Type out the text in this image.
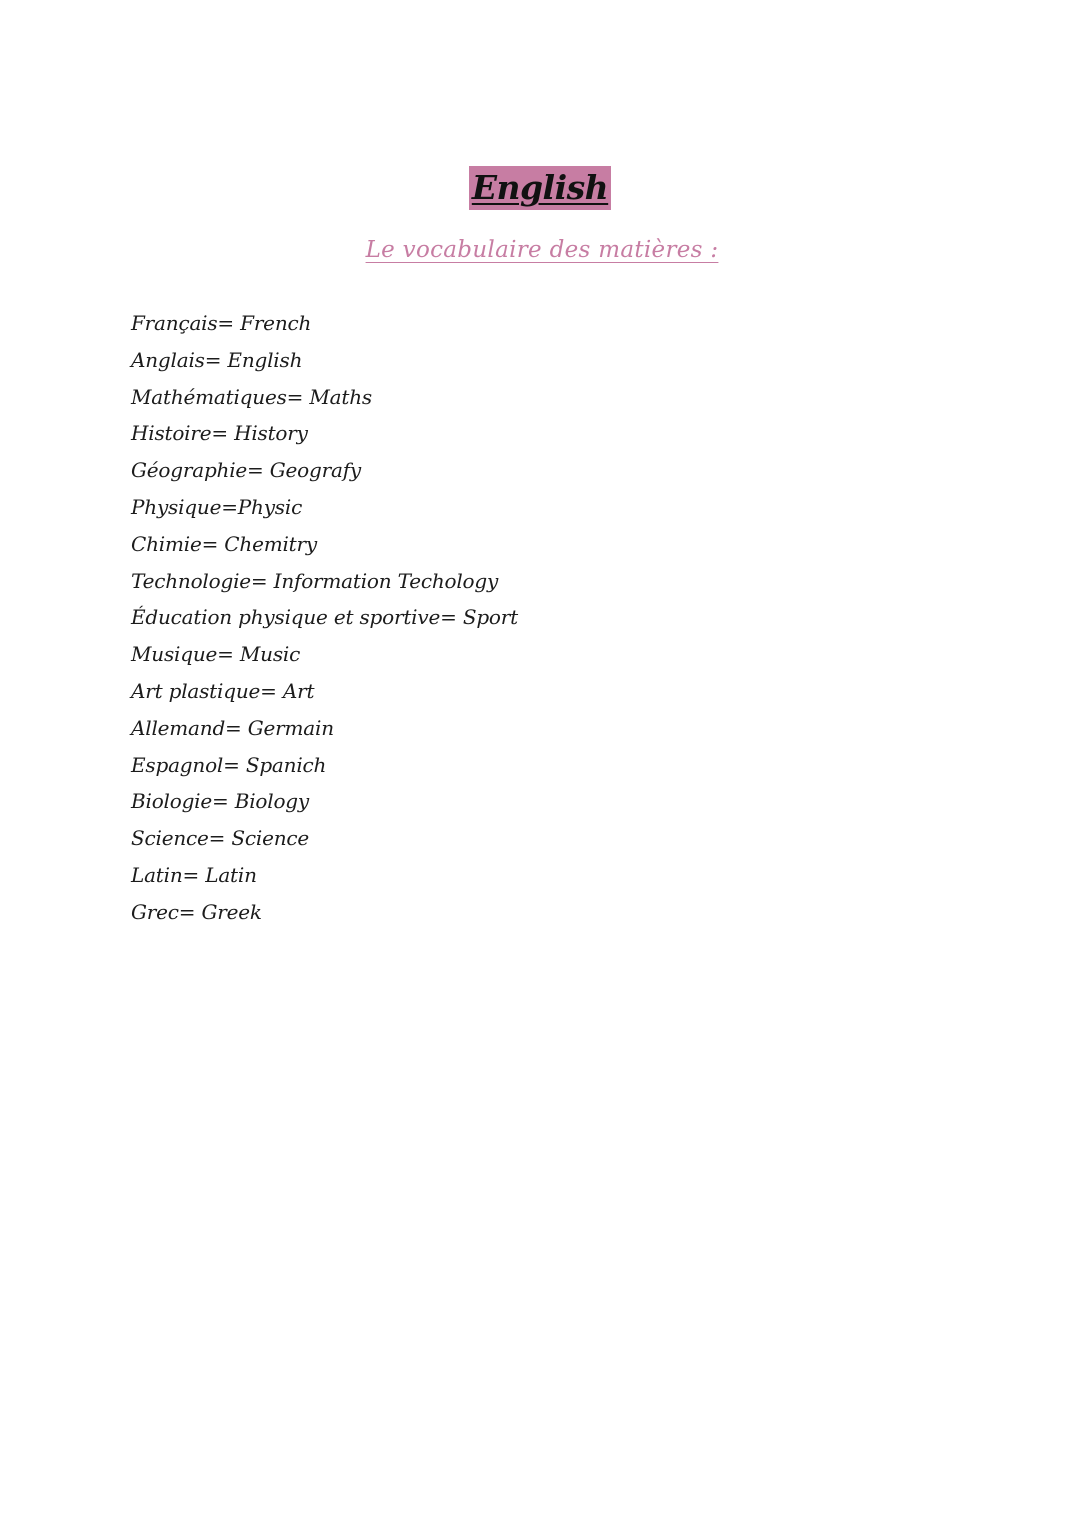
English
Le vocabulaire des matières :
Français= French
Anglais= English
Mathématiques= Maths
Histoire= History
Géographie= Geografy
Physique=Physic
Chimie= Chemitry
Technologie= Information Techology
Éducation physique et sportive= Sport
Musique= Music
Art plastique= Art
Allemand= Germain
Espagnol= Spanich
Biologie= Biology
Science= Science
Latin= Latin
Grec= Greek
